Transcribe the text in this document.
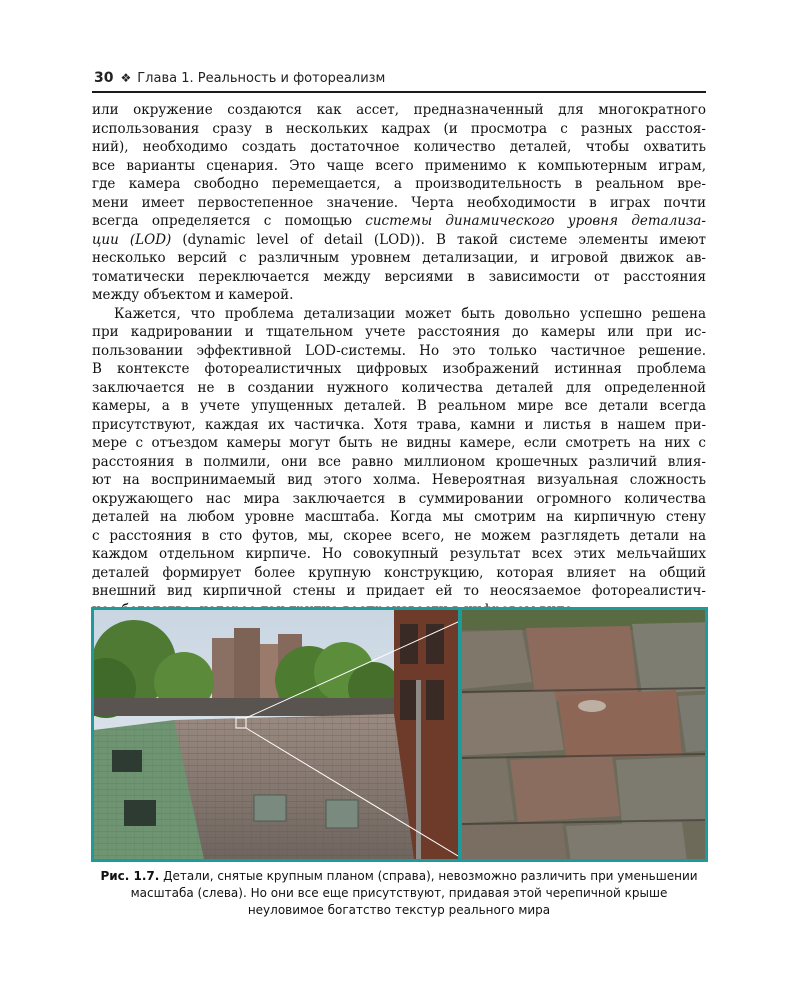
30 ❖ Глава 1. Реальность и фотореализм

или окружение создаются как ассет, предназначенный для многократного

использования сразу в нескольких кадрах (и просмотра с разных расстоя-

ний), необходимо создать достаточное количество деталей, чтобы охватить

все варианты сценария. Это чаще всего применимо к компьютерным играм,

где камера свободно перемещается, а производительность в реальном вре-

мени имеет первостепенное значение. Черта необходимости в играх почти

всегда определяется с помощью системы динамического уровня детализа-

ции (LOD) (dynamic level of detail (LOD)). В такой системе элементы имеют

несколько версий с различным уровнем детализации, и игровой движок ав-

томатически переключается между версиями в зависимости от расстояния

между объектом и камерой.

Кажется, что проблема детализации может быть довольно успешно решена

при кадрировании и тщательном учете расстояния до камеры или при ис-

пользовании эффективной LOD-системы. Но это только частичное решение.

В контексте фотореалистичных цифровых изображений истинная проблема

заключается не в создании нужного количества деталей для определенной

камеры, а в учете упущенных деталей. В реальном мире все детали всегда

присутствуют, каждая их частичка. Хотя трава, камни и листья в нашем при-

мере с отъездом камеры могут быть не видны камере, если смотреть на них с

расстояния в полмили, они все равно миллионом крошечных различий влия-

ют на воспринимаемый вид этого холма. Невероятная визуальная сложность

окружающего нас мира заключается в суммировании огромного количества

деталей на любом уровне масштаба. Когда мы смотрим на кирпичную стену

с расстояния в сто футов, мы, скорее всего, не можем разглядеть детали на

каждом отдельном кирпиче. Но совокупный результат всех этих мельчайших

деталей формирует более крупную конструкцию, которая влияет на общий

внешний вид кирпичной стены и придает ей то неосязаемое фотореалистич-

Рис. 1.7. Детали, снятые крупным планом (справа), невозможно различить при уменьшении
масштаба (слева). Но они все еще присутствуют, придавая этой черепичной крыше
неуловимое богатство текстур реального мира
